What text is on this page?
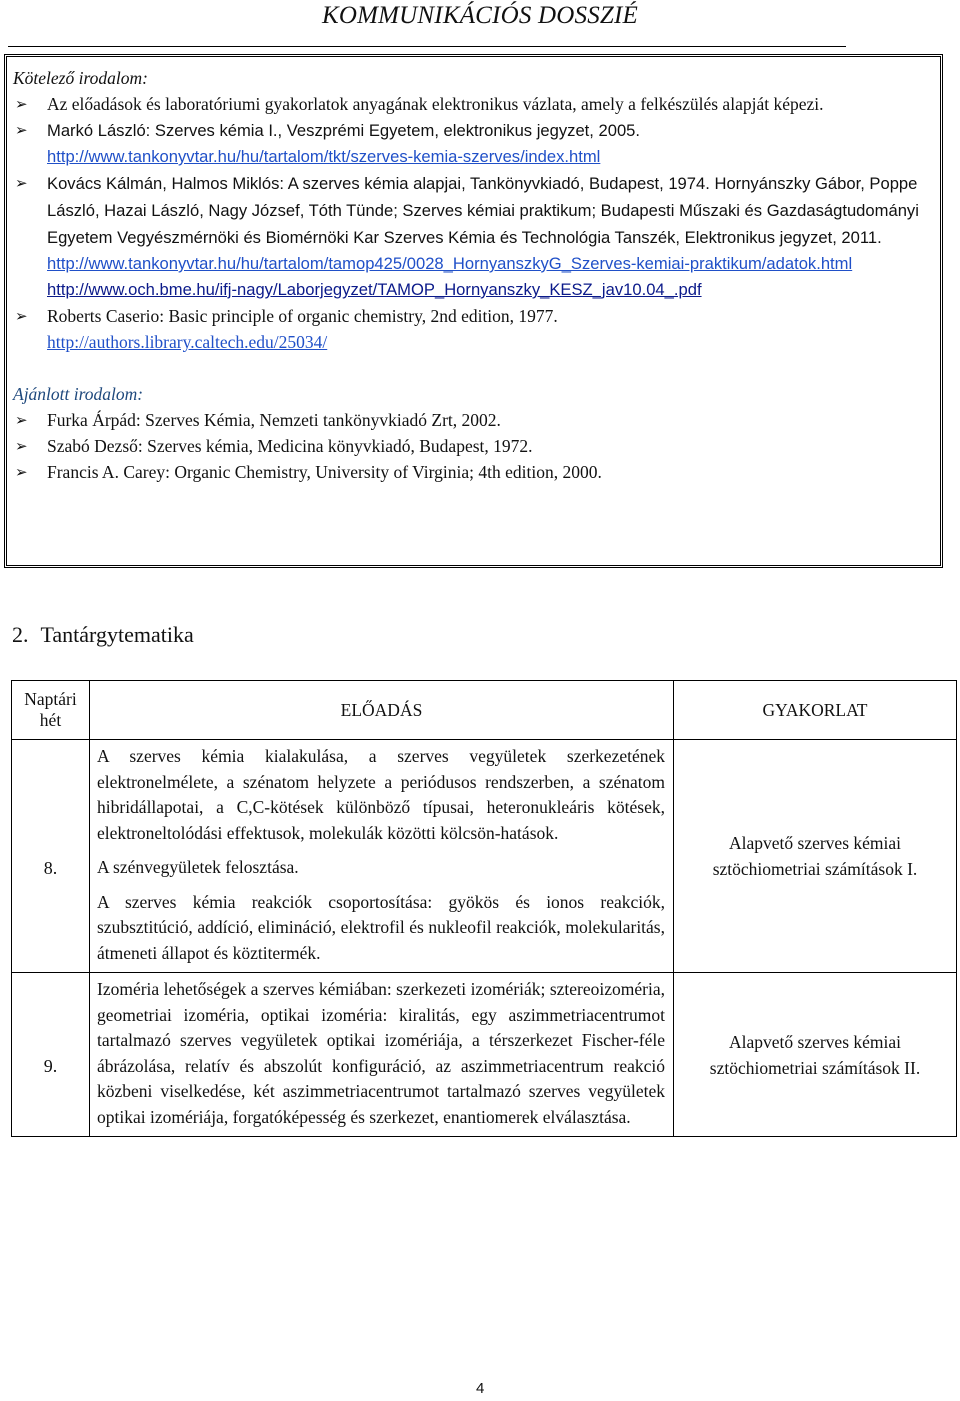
KOMMUNIKÁCIÓS DOSSZIÉ
Kötelező irodalom:
➢ Az előadások és laboratóriumi gyakorlatok anyagának elektronikus vázlata, amely a felkészülés alapját képezi.
➢ Markó László: Szerves kémia I., Veszprémi Egyetem, elektronikus jegyzet, 2005.
http://www.tankonyvtar.hu/hu/tartalom/tkt/szerves-kemia-szerves/index.html
➢ Kovács Kálmán, Halmos Miklós: A szerves kémia alapjai, Tankönyvkiadó, Budapest, 1974. Hornyánszky Gábor, Poppe László, Hazai László, Nagy József, Tóth Tünde; Szerves kémiai praktikum; Budapesti Műszaki és Gazdaságtudományi Egyetem Vegyészmérnöki és Biomérnöki Kar Szerves Kémia és Technológia Tanszék, Elektronikus jegyzet, 2011.
http://www.tankonyvtar.hu/hu/tartalom/tamop425/0028_HornyanszkyG_Szerves-kemiai-praktikum/adatok.html
http://www.och.bme.hu/ifj-nagy/Laborjegyzet/TAMOP_Hornyanszky_KESZ_jav10.04_.pdf
➢ Roberts Caserio: Basic principle of organic chemistry, 2nd edition, 1977.
http://authors.library.caltech.edu/25034/
Ajánlott irodalom:
➢ Furka Árpád: Szerves Kémia, Nemzeti tankönyvkiadó Zrt, 2002.
➢ Szabó Dezső: Szerves kémia, Medicina könyvkiadó, Budapest, 1972.
➢ Francis A. Carey: Organic Chemistry, University of Virginia; 4th edition, 2000.
2. Tantárgytematika
Naptári hét	ELŐADÁS	GYAKORLAT
8.	A szerves kémia kialakulása, a szerves vegyületek szerkezetének elektronelmélete, a szénatom helyzete a periódusos rendszerben, a szénatom hibridállapotai, a C,C-kötések különböző típusai, heteronukleáris kötések, elektroneltolódási effektusok, molekulák közötti kölcsön-hatások.

A szénvegyületek felosztása.

A szerves kémia reakciók csoportosítása: gyökös és ionos reakciók, szubsztitúció, addíció, elimináció, elektrofil és nukleofil reakciók, molekularitás, átmeneti állapot és köztitermék.	Alapvető szerves kémiai sztöchiometriai számítások I.
9.	Izoméria lehetőségek a szerves kémiában: szerkezeti izomériák; sztereoizoméria, geometriai izoméria, optikai izoméria: kiralitás, egy aszimmetriacentrumot tartalmazó szerves vegyületek optikai izomériája, a térszerkezet Fischer-féle ábrázolása, relatív és abszolút konfiguráció, az aszimmetriacentrum reakció közbeni viselkedése, két aszimmetriacentrumot tartalmazó szerves vegyületek optikai izomériája, forgatóképesség és szerkezet, enantiomerek elválasztása.	Alapvető szerves kémiai sztöchiometriai számítások II.
4
